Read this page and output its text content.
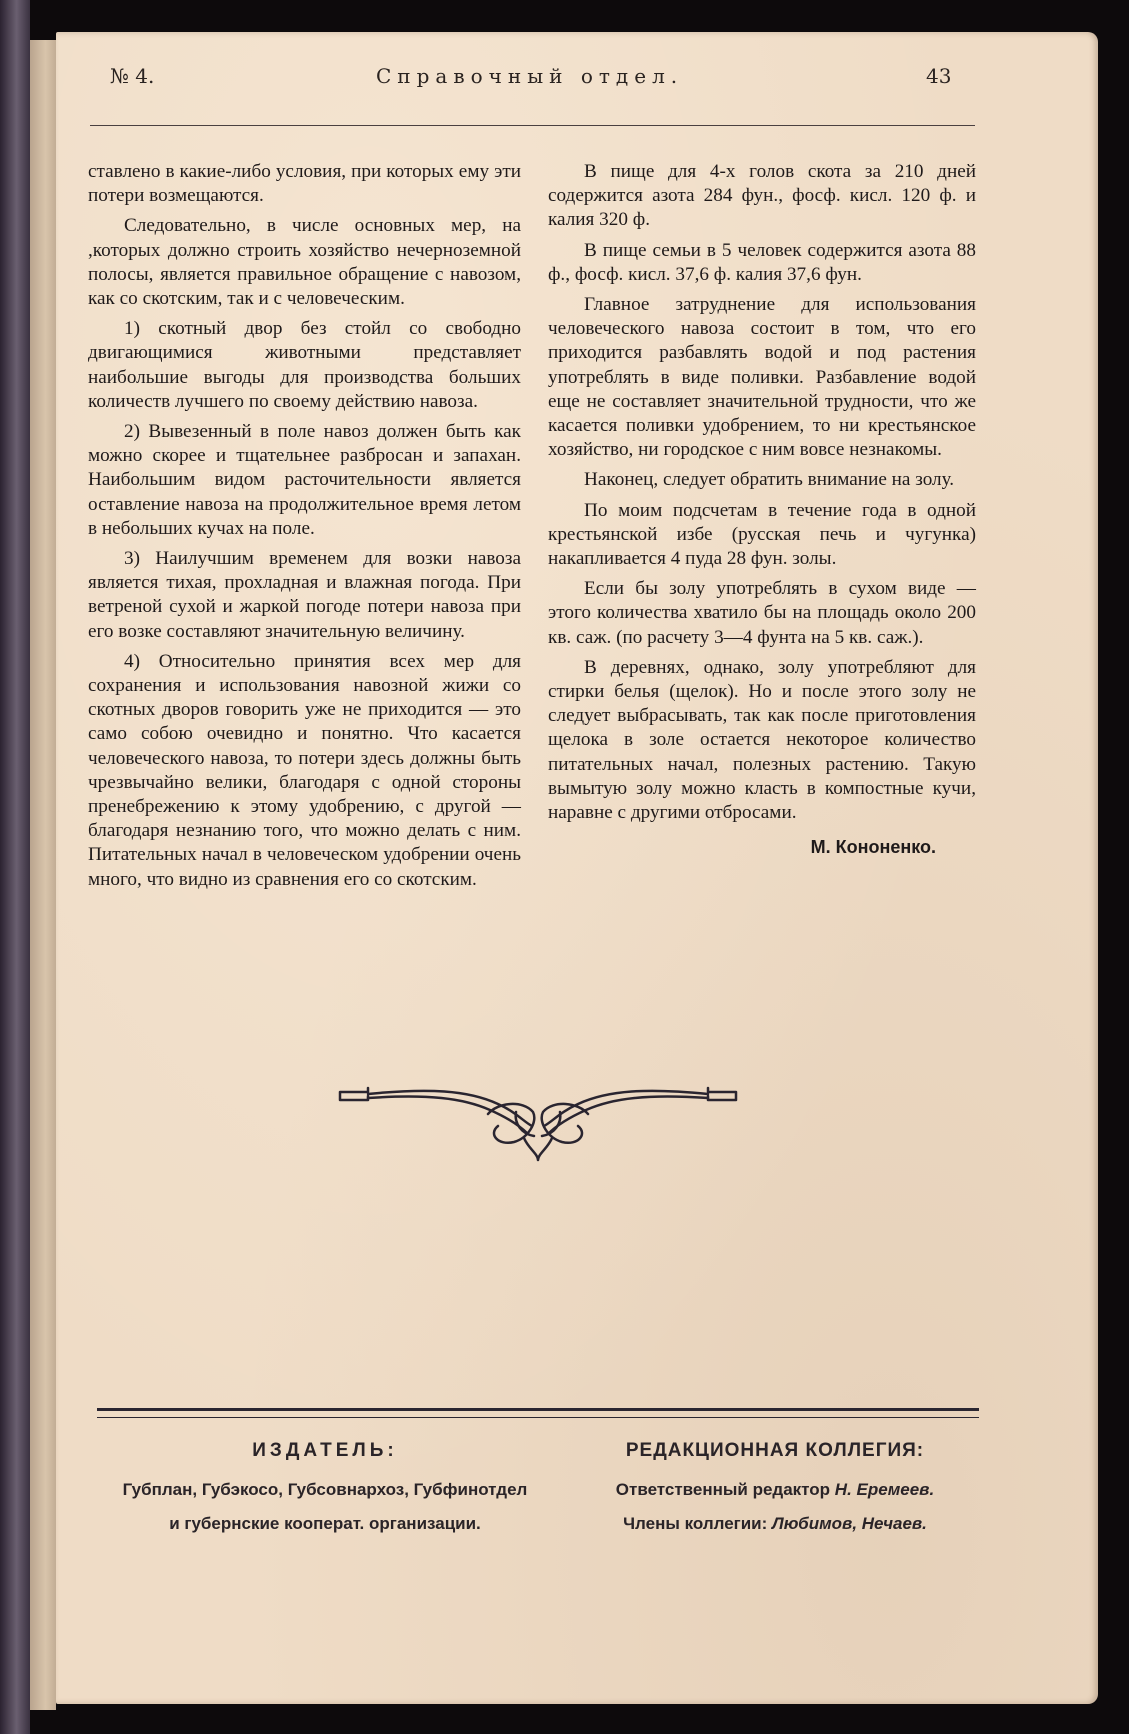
№ 4.	Справочный отдел.	43

ставлено в какие-либо условия, при которых ему эти потери возмещаются.

Следовательно, в числе основных мер, на ,которых должно строить хозяйство нечерноземной полосы, является правильное обращение с навозом, как со скотским, так и с человеческим.

1) скотный двор без стойл со свободно двигающимися животными представляет наибольшие выгоды для производства больших количеств лучшего по своему действию навоза.

2) Вывезенный в поле навоз должен быть как можно скорее и тщательнее разбросан и запахан. Наибольшим видом расточительности является оставление навоза на продолжительное время летом в небольших кучах на поле.

3) Наилучшим временем для возки навоза является тихая, прохладная и влажная погода. При ветреной сухой и жаркой погоде потери навоза при его возке составляют значительную величину.

4) Относительно принятия всех мер для сохранения и использования навозной жижи со скотных дворов говорить уже не приходится — это само собою очевидно и понятно. Что касается человеческого навоза, то потери здесь должны быть чрезвычайно велики, благодаря с одной стороны пренебрежению к этому удобрению, с другой — благодаря незнанию того, что можно делать с ним. Питательных начал в человеческом удобрении очень много, что видно из сравнения его со скотским.

В пище для 4-х голов скота за 210 дней содержится азота 284 фун., фосф. кисл. 120 ф. и калия 320 ф.

В пище семьи в 5 человек содержится азота 88 ф., фосф. кисл. 37,6 ф. калия 37,6 фун.

Главное затруднение для использования человеческого навоза состоит в том, что его приходится разбавлять водой и под растения употреблять в виде поливки. Разбавление водой еще не составляет значительной трудности, что же касается поливки удобрением, то ни крестьянское хозяйство, ни городское с ним вовсе незнакомы.

Наконец, следует обратить внимание на золу.

По моим подсчетам в течение года в одной крестьянской избе (русская печь и чугунка) накапливается 4 пуда 28 фун. золы.

Если бы золу употреблять в сухом виде — этого количества хватило бы на площадь около 200 кв. саж. (по расчету 3—4 фунта на 5 кв. саж.).

В деревнях, однако, золу употребляют для стирки белья (щелок). Но и после этого золу не следует выбрасывать, так как после приготовления щелока в золе остается некоторое количество питательных начал, полезных растению. Такую вымытую золу можно класть в компостные кучи, наравне с другими отбросами.

М. Кононенко.
ИЗДАТЕЛЬ:
Губплан, Губэкосо, Губсовнархоз, Губфинотдел
и губернские кооперат. организации.
РЕДАКЦИОННАЯ КОЛЛЕГИЯ:
Ответственный редактор Н. Еремеев.
Члены коллегии: Любимов, Нечаев.
